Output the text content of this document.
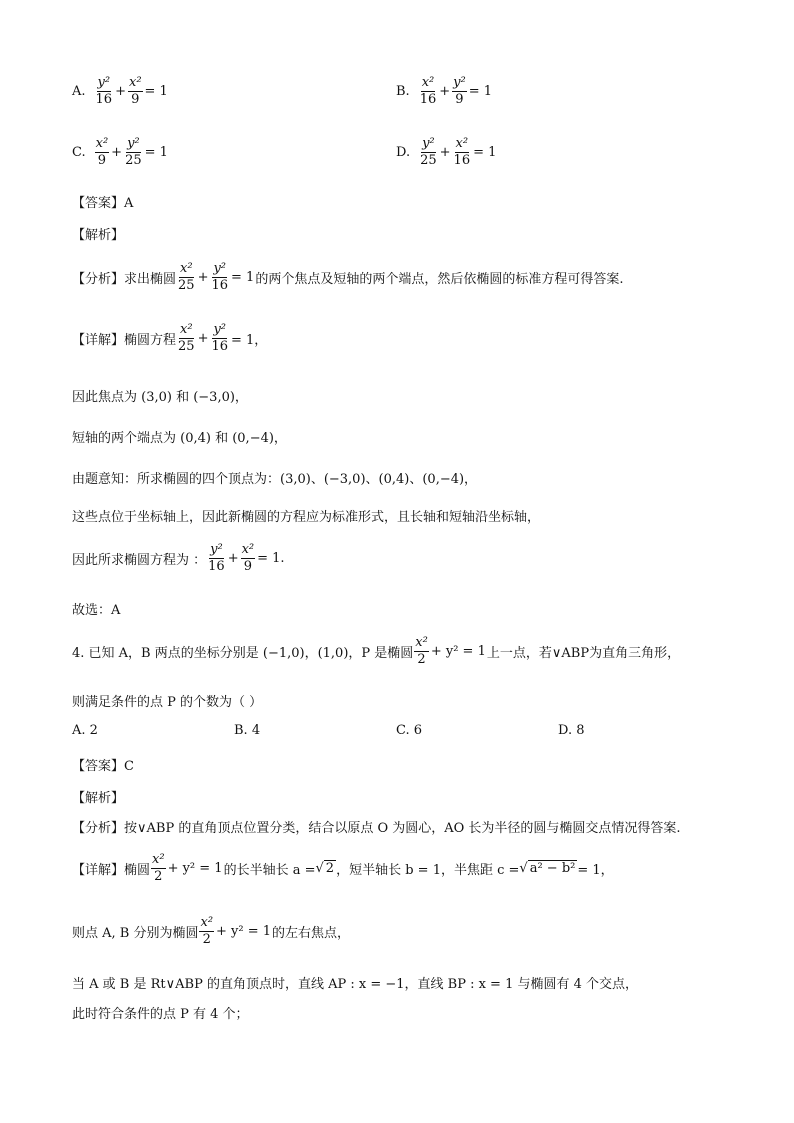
A. $\frac{\text{y²}}{16} + \frac{\text{x²}}{9} = 1$	B. $\frac{\text{x²}}{16} + \frac{\text{y²}}{9} = 1$
C. $\frac{\text{x²}}{9} + \frac{\text{y²}}{25} = 1$	D. $\frac{\text{y²}}{25} + \frac{\text{x²}}{16} = 1$
【答案】A
【解析】
【分析】求出椭圆 $\frac{\text{x²}}{25} + \frac{\text{y²}}{16} = 1$ 的两个焦点及短轴的两个端点，然后依椭圆的标准方程可得答案.
【详解】椭圆方程 $\frac{\text{x²}}{25} + \frac{\text{y²}}{16} = 1$，
因此焦点为 (3,0) 和 (−3,0)，
短轴的两个端点为 (0,4) 和 (0,−4)，
由题意知：所求椭圆的四个顶点为：(3,0)、(−3,0)、(0,4)、(0,−4)，
这些点位于坐标轴上，因此新椭圆的方程应为标准形式，且长轴和短轴沿坐标轴，
因此所求椭圆方程为 ： $\frac{\text{y²}}{16} + \frac{\text{x²}}{9} = 1$.
故选：A
4. 已知 A，B 两点的坐标分别是 (−1,0)，(1,0)，P 是椭圆 $\frac{\text{x²}}{2} + y^2 = 1$ 上一点，若∨ABP为直角三角形，
则满足条件的点 P 的个数为（ ）
A. 2	B. 4	C. 6	D. 8
【答案】C
【解析】
【分析】按∨ABP 的直角顶点位置分类，结合以原点 O 为圆心，AO 长为半径的圆与椭圆交点情况得答案.
【详解】椭圆 $\frac{\text{x²}}{2} + y^2 = 1$ 的长半轴长 a = √ 2 ，短半轴长 b = 1，半焦距 c = √ a² − b² = 1，
则点 A, B 分别为椭圆 $\frac{\text{x²}}{2} + y^2 = 1$ 的左右焦点，
当 A 或 B 是 Rt∨ABP 的直角顶点时，直线 AP : x = −1，直线 BP : x = 1 与椭圆有 4 个交点，
此时符合条件的点 P 有 4 个；
